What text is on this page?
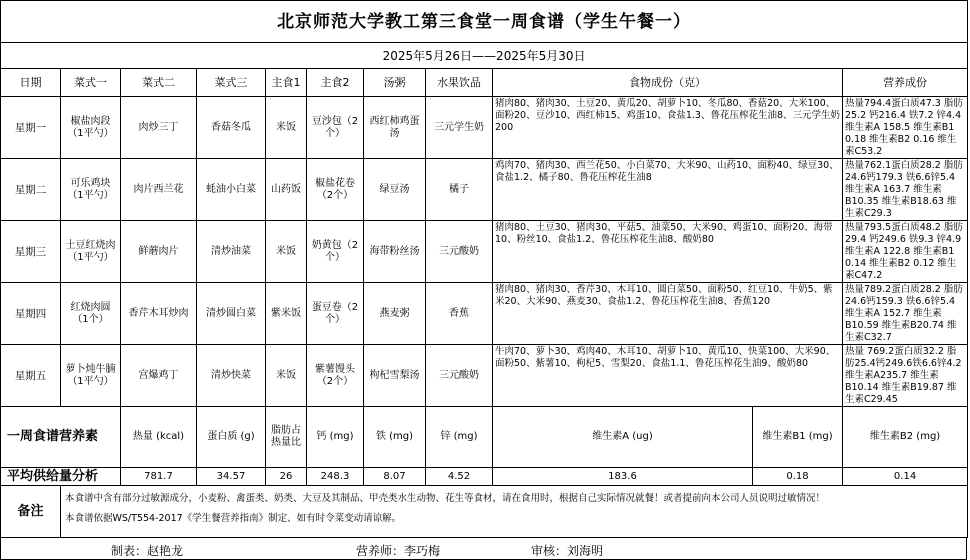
北京师范大学教工第三食堂一周食谱（学生午餐一）											
2025年5月26日——2025年5月30日											
日期	菜式一	菜式二	菜式三	主食1	主食2	汤粥	水果饮品	食物成份（克）		营养成份	
星期一	椒盐肉段（1平勺）	肉炒三丁	香菇冬瓜	米饭	豆沙包（2个）	西红柿鸡蛋汤	三元学生奶	猪肉80、猪肉30、土豆20、黄瓜20、胡萝卜10、冬瓜80、香菇20、大米100、面粉20、豆沙10、西红柿15、鸡蛋10、食盐1.3、鲁花压榨花生油8、三元学生奶200		热量794.4蛋白质47.3 脂肪 25.2 钙216.4 铁7.2 锌4.4 维生素A 158.5 维生素B1 0.18 维生素B2 0.16 维生素C53.2	
星期二	可乐鸡块（1平勺）	肉片西兰花	蚝油小白菜	山药饭	椒盐花卷（2个）	绿豆汤	橘子	鸡肉70、猪肉30、西兰花50、小白菜70、大米90、山药10、面粉40、绿豆30、食盐1.2、橘子80、鲁花压榨花生油8		热量762.1蛋白质28.2 脂肪 24.6钙179.3 铁6.6锌5.4 维生素A 163.7 维生素B10.35 维生素B18.63 维生素C29.3	
星期三	土豆红烧肉（1平勺）	鲜蘑肉片	清炒油菜	米饭	奶黄包（2个）	海带粉丝汤	三元酸奶	猪肉80、土豆30、猪肉30、平菇5、油菜50、大米90、鸡蛋10、面粉20、海带10、粉丝10、食盐1.2、鲁花压榨花生油8、酸奶80		热量793.5蛋白质48.2 脂肪 29.4 钙249.6 铁9.3 锌4.9 维生素A 122.8 维生素B1 0.14 维生素B2 0.12 维生素C47.2	
星期四	红烧肉圆（1个）	香芹木耳炒肉	清炒圆白菜	紫米饭	蛋豆卷（2个）	燕麦粥	香蕉	猪肉80、猪肉30、香芹30、木耳10、圆白菜50、面粉50、红豆10、牛奶5、紫米20、大米90、燕麦30、食盐1.2、鲁花压榨花生油8、香蕉120		热量789.2蛋白质28.2 脂肪 24.6钙159.3 铁6.6锌5.4 维生素A 152.7 维生素B10.59 维生素B20.74 维生素C32.7	
星期五	萝卜炖牛腩（1平勺）	宫爆鸡丁	清炒快菜	米饭	紫薯馒头（2个）	枸杞雪梨汤	三元酸奶	牛肉70、萝卜30、鸡肉40、木耳10、胡萝卜10、黄瓜10、快菜100、大米90、面粉50、紫薯10、枸杞5、雪梨20、食盐1.1、鲁花压榨花生油9、酸奶80		热量 769.2蛋白质32.2 脂肪25.4钙249.6铁6.6锌4.2 维生素A235.7 维生素B10.14 维生素B19.87 维生素C29.45	
一周食谱营养素		热量 (kcal)	蛋白质 (g)	脂肪占热量比	钙 (mg)	铁 (mg)	锌 (mg)	维生素A (ug)	维生素B1 (mg)	维生素B2 (mg)	
平均供给量分析		781.7	34.57	26	248.3	8.07	4.52	183.6	0.18	0.14	
备注	本食谱中含有部分过敏源成分，小麦粉、禽蛋类、奶类、大豆及其制品、甲壳类水生动物、花生等食材，请在食用时，根据自己实际情况就餐！或者提前向本公司人员说明过敏情况！
本食谱依据WS/T554-2017《学生餐营养指南》制定、如有时令菜变动请谅解。										
制表：赵艳龙	营养师：李巧梅	审核：刘海明
